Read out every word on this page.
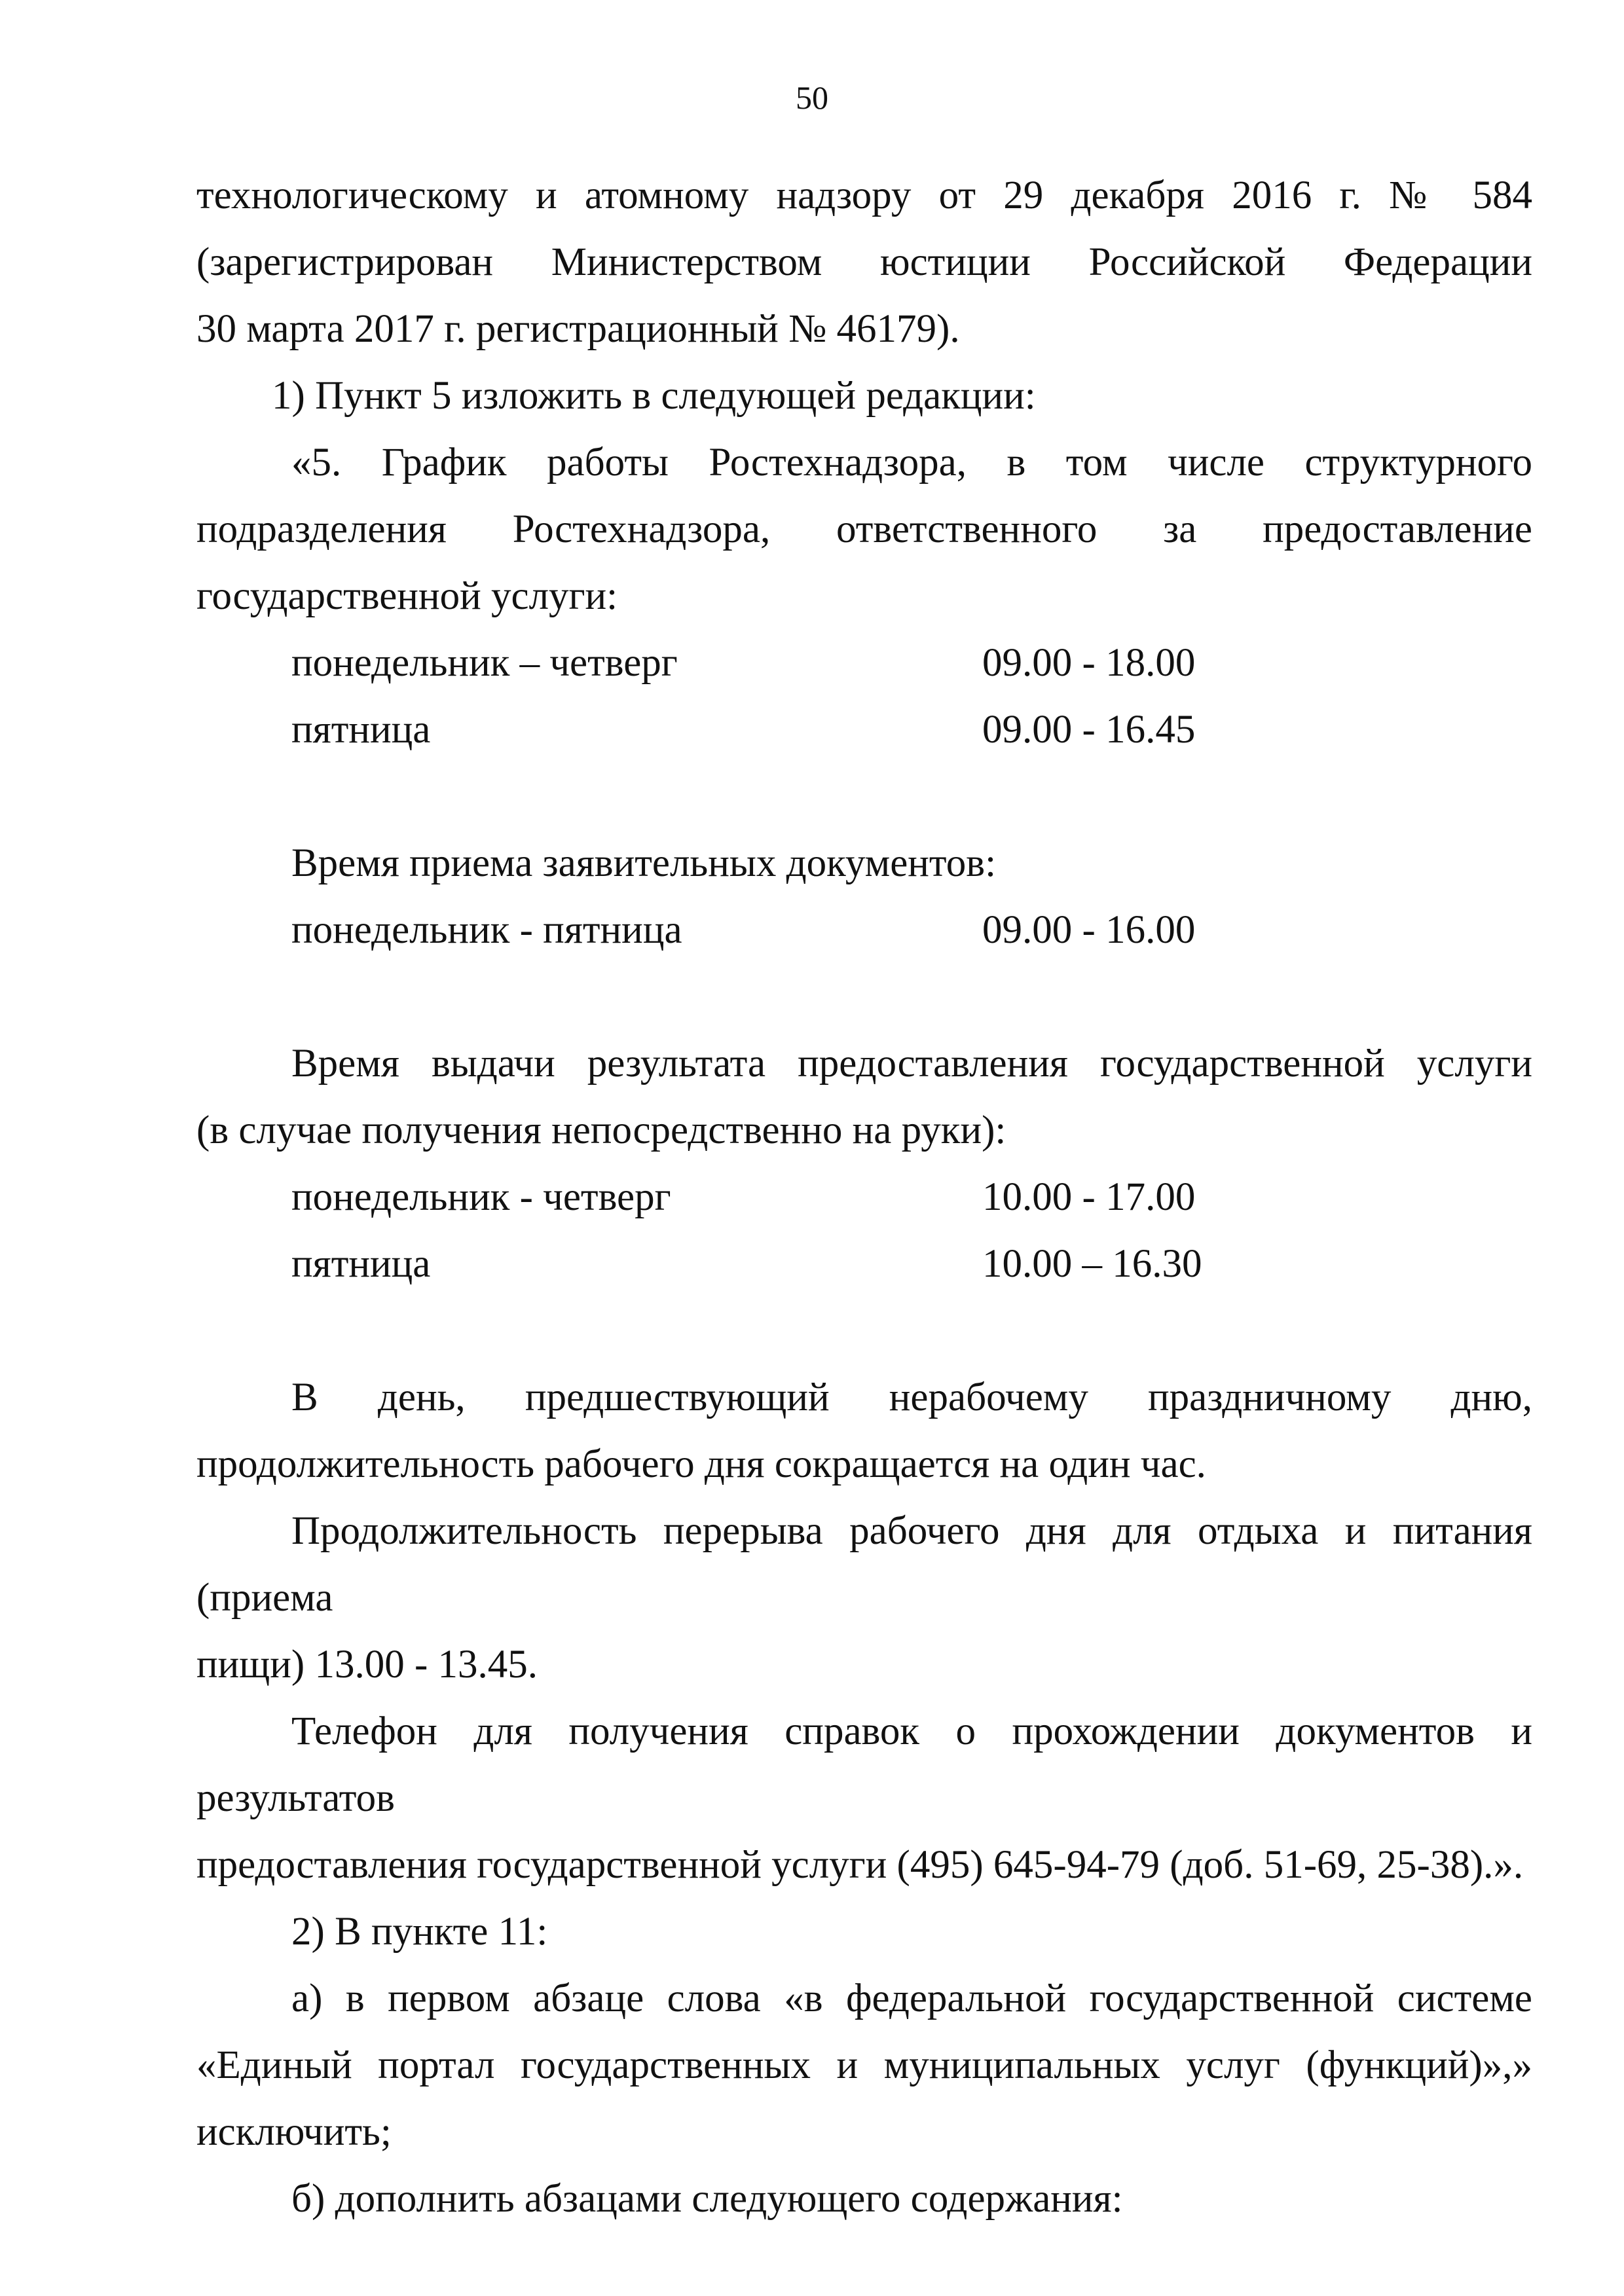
50

технологическому и атомному надзору от 29 декабря 2016 г. № 584

(зарегистрирован Министерством юстиции Российской Федерации

30 марта 2017 г. регистрационный № 46179).

1) Пункт 5 изложить в следующей редакции:

«5. График работы Ростехнадзора, в том числе структурного

подразделения Ростехнадзора, ответственного за предоставление

государственной услуги:

понедельник – четверг	09.00 - 18.00
пятница	09.00 - 16.45

Время приема заявительных документов:

понедельник - пятница	09.00 - 16.00

Время выдачи результата предоставления государственной услуги

(в случае получения непосредственно на руки):

понедельник - четверг	10.00 - 17.00
пятница	10.00 – 16.30

В день, предшествующий нерабочему праздничному дню,

продолжительность рабочего дня сокращается на один час.

Продолжительность перерыва рабочего дня для отдыха и питания (приема

пищи) 13.00 - 13.45.

Телефон для получения справок о прохождении документов и результатов

предоставления государственной услуги (495) 645-94-79 (доб. 51-69, 25-38).».

2) В пункте 11:

а) в первом абзаце слова «в федеральной государственной системе

«Единый портал государственных и муниципальных услуг (функций)»,»

исключить;

б) дополнить абзацами следующего содержания:
